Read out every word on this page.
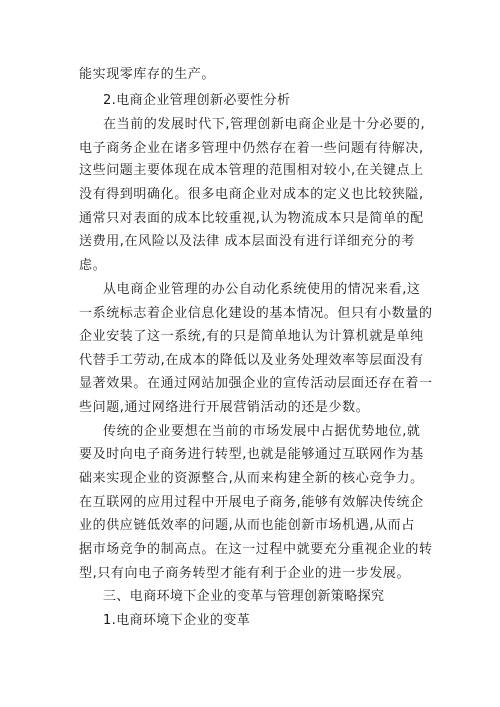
能实现零库存的生产。
2.电商企业管理创新必要性分析
在当前的发展时代下,管理创新电商企业是十分必要的,
电子商务企业在诸多管理中仍然存在着一些问题有待解决,
这些问题主要体现在成本管理的范围相对较小,在关键点上
没有得到明确化。很多电商企业对成本的定义也比较狭隘,
通常只对表面的成本比较重视,认为物流成本只是简单的配
送费用,在风险以及法律 成本层面没有进行详细充分的考
虑。
从电商企业管理的办公自动化系统使用的情况来看,这
一系统标志着企业信息化建设的基本情况。但只有小数量的
企业安装了这一系统,有的只是简单地认为计算机就是单纯
代替手工劳动,在成本的降低以及业务处理效率等层面没有
显著效果。在通过网站加强企业的宣传活动层面还存在着一
些问题,通过网络进行开展营销活动的还是少数。
传统的企业要想在当前的市场发展中占据优势地位,就
要及时向电子商务进行转型,也就是能够通过互联网作为基
础来实现企业的资源整合,从而来构建全新的核心竞争力。
在互联网的应用过程中开展电子商务,能够有效解决传统企
业的供应链低效率的问题,从而也能创新市场机遇,从而占
据市场竞争的制高点。在这一过程中就要充分重视企业的转
型,只有向电子商务转型才能有利于企业的进一步发展。
三、电商环境下企业的变革与管理创新策略探究
1.电商环境下企业的变革
